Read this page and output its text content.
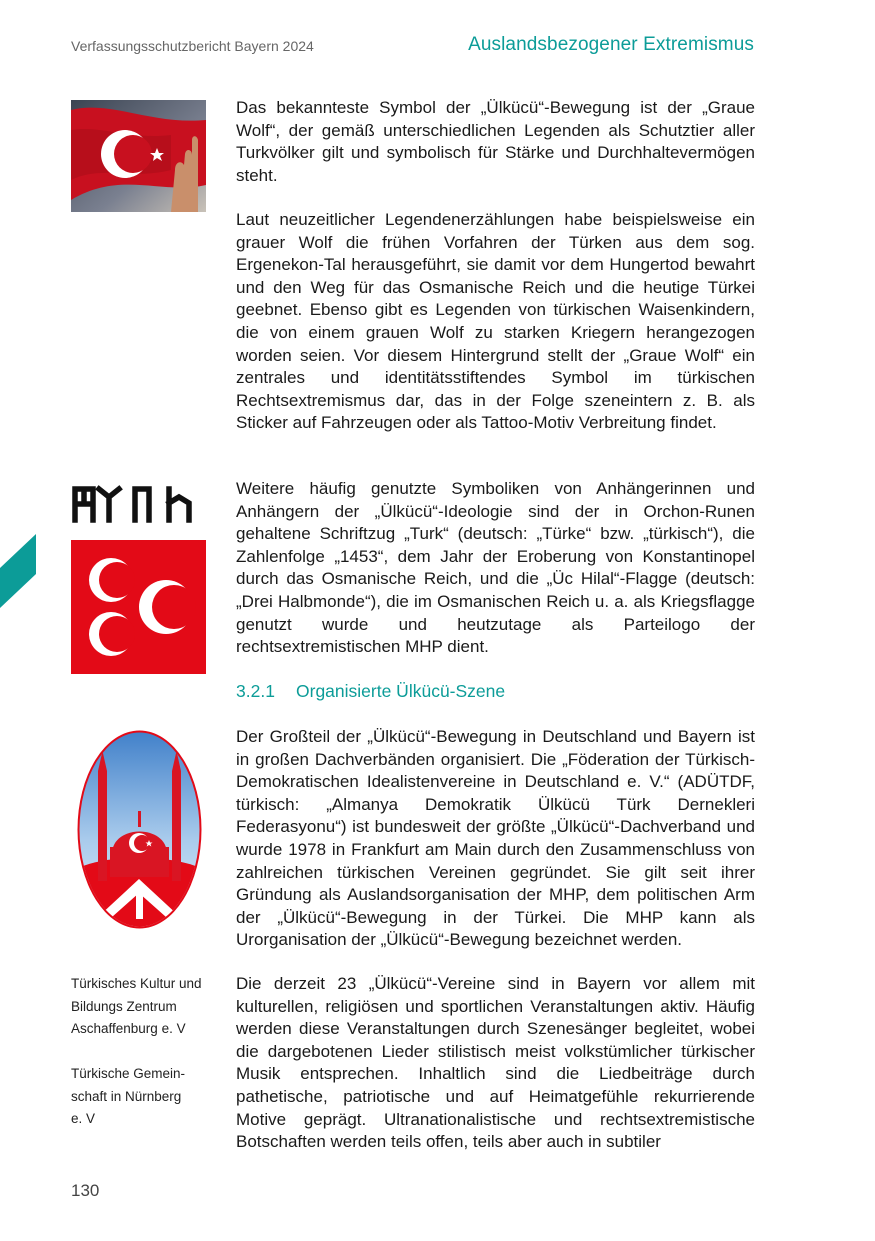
Verfassungsschutzbericht Bayern 2024	Auslandsbezogener Extremismus

Das bekannteste Symbol der „Ülkücü“-Bewegung ist der „Graue Wolf“, der gemäß unterschiedlichen Legenden als Schutztier aller Turkvölker gilt und symbolisch für Stärke und Durchhaltevermögen steht.

Laut neuzeitlicher Legendenerzählungen habe beispielsweise ein grauer Wolf die frühen Vorfahren der Türken aus dem sog. Ergenekon-Tal herausgeführt, sie damit vor dem Hungertod bewahrt und den Weg für das Osmanische Reich und die heutige Türkei geebnet. Ebenso gibt es Legenden von türkischen Waisenkindern, die von einem grauen Wolf zu starken Kriegern herangezogen worden seien. Vor diesem Hintergrund stellt der „Graue Wolf“ ein zentrales und identitätsstiftendes Symbol im türkischen Rechtsextremismus dar, das in der Folge szeneintern z. B. als Sticker auf Fahrzeugen oder als Tattoo-Motiv Verbreitung findet.

Weitere häufig genutzte Symboliken von Anhängerinnen und Anhängern der „Ülkücü“-Ideologie sind der in Orchon-Runen gehaltene Schriftzug „Turk“ (deutsch: „Türke“ bzw. „türkisch“), die Zahlenfolge „1453“, dem Jahr der Eroberung von Konstantinopel durch das Osmanische Reich, und die „Üc Hilal“-Flagge (deutsch: „Drei Halbmonde“), die im Osmanischen Reich u. a. als Kriegsflagge genutzt wurde und heutzutage als Parteilogo der rechtsextremistischen MHP dient.

3.2.1 Organisierte Ülkücü-Szene

Der Großteil der „Ülkücü“-Bewegung in Deutschland und Bayern ist in großen Dachverbänden organisiert. Die „Föderation der Türkisch-Demokratischen Idealistenvereine in Deutschland e. V.“ (ADÜTDF, türkisch: „Almanya Demokratik Ülkücü Türk Dernekleri Federasyonu“) ist bundesweit der größte „Ülkücü“-Dachverband und wurde 1978 in Frankfurt am Main durch den Zusammenschluss von zahlreichen türkischen Vereinen gegründet. Sie gilt seit ihrer Gründung als Auslandsorganisation der MHP, dem politischen Arm der „Ülkücü“-Bewegung in der Türkei. Die MHP kann als Urorganisation der „Ülkücü“-Bewegung bezeichnet werden.

Die derzeit 23 „Ülkücü“-Vereine sind in Bayern vor allem mit kulturellen, religiösen und sportlichen Veranstaltungen aktiv. Häufig werden diese Veranstaltungen durch Szenesänger begleitet, wobei die dargebotenen Lieder stilistisch meist volkstümlicher türkischer Musik entsprechen. Inhaltlich sind die Liedbeiträge durch pathetische, patriotische und auf Heimatgefühle rekurrierende Motive geprägt. Ultranationalistische und rechtsextremistische Botschaften werden teils offen, teils aber auch in subtiler

Türkisches Kultur und
Bildungs Zentrum
Aschaffenburg e. V
Türkische Gemein-
schaft in Nürnberg
e. V
130
